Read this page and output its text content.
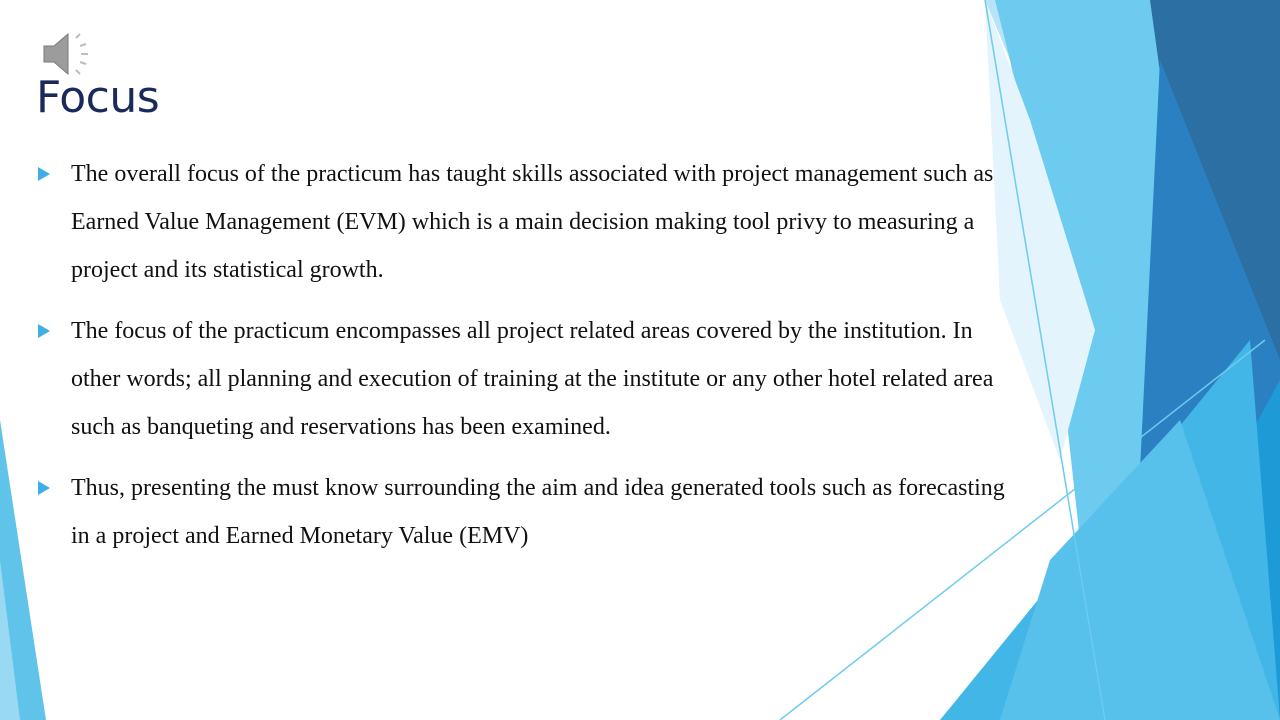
Focus
The overall focus of the practicum has taught skills associated with project management such as Earned Value Management (EVM) which is a main decision making tool privy to measuring a project and its statistical growth.
The focus of the practicum encompasses all project related areas covered by the institution. In other words; all planning and execution of training at the institute or any other hotel related area such as banqueting and reservations has been examined.
Thus, presenting the must know surrounding the aim and idea generated tools such as forecasting in a project and Earned Monetary Value (EMV)
